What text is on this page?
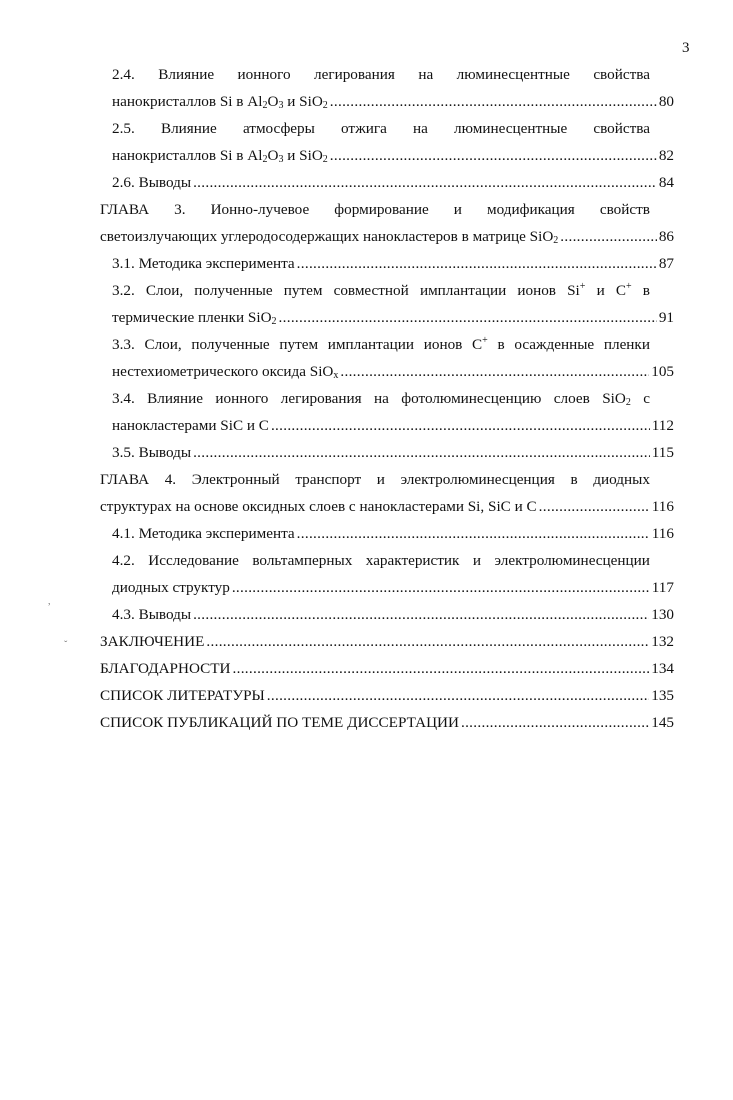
3
2.4. Влияние ионного легирования на люминесцентные свойства
нанокристаллов Si в $Al_2O_3$ и SiO$_2$ .....	80
2.5. Влияние атмосферы отжига на люминесцентные свойства
нанокристаллов Si в $Al_2O_3$ и SiO$_2$ .....	82
2.6. Выводы .....	84
ГЛАВА 3. Ионно-лучевое формирование и модификация свойств
светоизлучающих углеродосодержащих нанокластеров в матрице SiO$_2$ .....	86
3.1. Методика эксперимента .....	87
3.2. Слои, полученные путем совместной имплантации ионов Si+ и C+ в
термические пленки SiO$_2$ .....	91
3.3. Слои, полученные путем имплантации ионов C+ в осажденные пленки
нестехиометрического оксида SiO$_x$ .....	105
3.4. Влияние ионного легирования на фотолюминесценцию слоев SiO$_2$ с
нанокластерами SiC и C .....	112
3.5. Выводы .....	115
ГЛАВА 4. Электронный транспорт и электролюминесценция в диодных
структурах на основе оксидных слоев с нанокластерами Si, SiC и C .....	116
4.1. Методика эксперимента .....	116
4.2. Исследование вольтамперных характеристик и электролюминесценции
диодных структур .....	117
4.3. Выводы .....	130
ЗАКЛЮЧЕНИЕ .....	132
БЛАГОДАРНОСТИ .....	134
СПИСОК ЛИТЕРАТУРЫ .....	135
СПИСОК ПУБЛИКАЦИЙ ПО ТЕМЕ ДИССЕРТАЦИИ .....	145
,
ˇ
